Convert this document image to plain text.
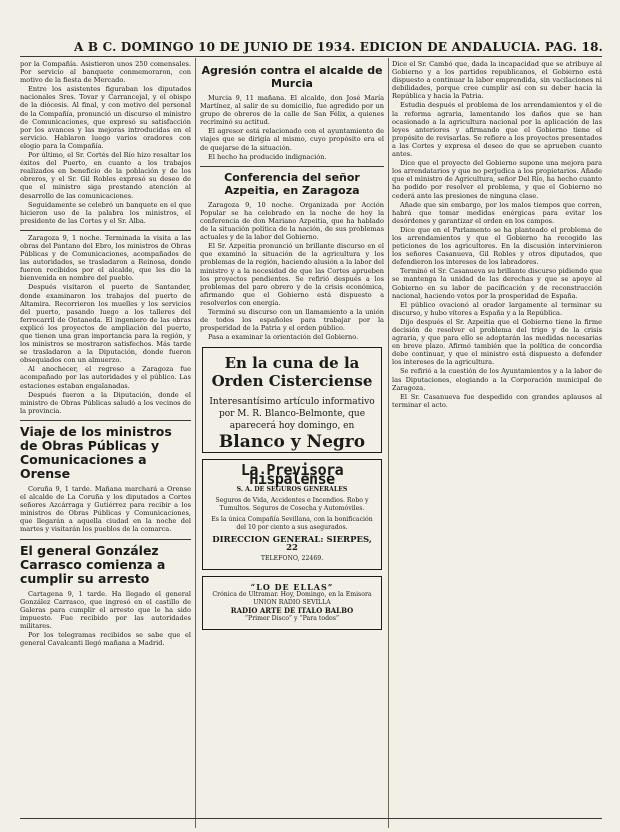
A B C. DOMINGO 10 DE JUNIO DE 1934. EDICION DE ANDALUCIA. PAG. 18.

por la Compañía. Asistieron unos 250 comensales. Por servicio al banquete conmemoraron, con motivo de la fiesta de Mercado.

Entre los asistentes figuraban los diputados nacionales Sres. Tovar y Carrancejal, y el obispo de la diócesis. Al final, y con motivo del personal de la Compañía, pronunció un discurso el ministro de Comunicaciones, que expresó su satisfacción por los avances y las mejoras introducidas en el servicio. Hablaron luego varios oradores con elogio para la Compañía.

Por último, el Sr. Cortés del Río hizo resaltar los éxitos del Puerto, en cuanto a los trabajos realizados en beneficio de la población y de los obreros, y el Sr. Gil Robles expresó su deseo de que el ministro siga prestando atención al desarrollo de las comunicaciones.

Seguidamente se celebró un banquete en el que hicieron uso de la palabra los ministros, el presidente de las Cortes y el Sr. Alba.

Zaragoza 9, 1 noche. Terminada la visita a las obras del Pantano del Ebro, los ministros de Obras Públicas y de Comunicaciones, acompañados de las autoridades, se trasladaron a Reinosa, donde fueron recibidos por el alcalde, que les dio la bienvenida en nombre del pueblo.

Después visitaron el puerto de Santander, donde examinaron los trabajos del puerto de Altamira. Recorrieron los muelles y los servicios del puerto, pasando luego a los talleres del ferrocarril de Ontaneda. El ingeniero de las obras explicó los proyectos de ampliación del puerto, que tienen una gran importancia para la región, y los ministros se mostraron satisfechos. Más tarde se trasladaron a la Diputación, donde fueron obsequiados con un almuerzo.

Al anochecer, el regreso a Zaragoza fue acompañado por las autoridades y el público. Las estaciones estaban engalanadas.

Después fueron a la Diputación, donde el ministro de Obras Públicas saludó a los vecinos de la provincia.

Viaje de los ministros de Obras Públicas y Comunicaciones a Orense

Coruña 9, 1 tarde. Mañana marchará a Orense el alcalde de La Coruña y los diputados a Cortes señores Azcárraga y Gutiérrez para recibir a los ministros de Obras Públicas y Comunicaciones, que llegarán a aquella ciudad en la noche del martes y visitarán los pueblos de la comarca.

El general González Carrasco comienza a cumplir su arresto

Cartagena 9, 1 tarde. Ha llegado el general González Carrasco, que ingresó en el castillo de Galeras para cumplir el arresto que le ha sido impuesto. Fue recibido por las autoridades militares.

Por los telegramas recibidos se sabe que el general Cavalcanti llegó mañana a Madrid.

Agresión contra el alcalde de Murcia

Murcia 9, 11 mañana. El alcalde, don José María Martínez, al salir de su domicilio, fue agredido por un grupo de obreros de la calle de San Félix, a quienes recriminó su actitud.

El agresor está relacionado con el ayuntamiento de viajes que se dirigía al mismo, cuyo propósito era el de quejarse de la situación.

El hecho ha producido indignación.

Conferencia del señor Azpeitia, en Zaragoza

Zaragoza 9, 10 noche. Organizada por Acción Popular se ha celebrado en la noche de hoy la conferencia de don Mariano Azpeitia, que ha hablado de la situación política de la nación, de sus problemas actuales y de la labor del Gobierno.

El Sr. Azpeitia pronunció un brillante discurso en el que examinó la situación de la agricultura y los problemas de la región, haciendo alusión a la labor del ministro y a la necesidad de que las Cortes aprueben los proyectos pendientes. Se refirió después a los problemas del paro obrero y de la crisis económica, afirmando que el Gobierno está dispuesto a resolverlos con energía.

Terminó su discurso con un llamamiento a la unión de todos los españoles para trabajar por la prosperidad de la Patria y el orden público.

Pasa a examinar la orientación del Gobierno.

En la cuna de la
Orden Cisterciense
Interesantísimo artículo informativo por M. R. Blanco-Belmonte, que aparecerá hoy domingo, en
Blanco y Negro
La Previsora Hispalense
S. A. DE SEGUROS GENERALES
Seguros de Vida, Accidentes e Incendios. Robo y Tumultos. Seguros de Cosecha y Automóviles.
Es la única Compañía Sevillana, con la bonificación del 10 por ciento a sus asegurados.
DIRECCION GENERAL: SIERPES, 22
TELEFONO, 22469.
“LO DE ELLAS”
Crónica de Ultramar. Hoy, Domingo, en la Emisora UNION RADIO SEVILLA
RADIO ARTE DE ITALO BALBO
“Primer Disco” y “Para todos”

Dice el Sr. Cambó que, dada la incapacidad que se atribuye al Gobierno y a los partidos republicanos, el Gobierno está dispuesto a continuar la labor emprendida, sin vacilaciones ni debilidades, porque cree cumplir así con su deber hacia la República y hacia la Patria.

Estudia después el problema de los arrendamientos y el de la reforma agraria, lamentando los daños que se han ocasionado a la agricultura nacional por la aplicación de las leyes anteriores y afirmando que el Gobierno tiene el propósito de revisarlas. Se refiere a los proyectos presentados a las Cortes y expresa el deseo de que se aprueben cuanto antes.

Dice que el proyecto del Gobierno supone una mejora para los arrendatarios y que no perjudica a los propietarios. Añade que el ministro de Agricultura, señor Del Río, ha hecho cuanto ha podido por resolver el problema, y que el Gobierno no cederá ante las presiones de ninguna clase.

Añade que sin embargo, por los malos tiempos que corren, habrá que tomar medidas enérgicas para evitar los desórdenes y garantizar el orden en los campos.

Dice que en el Parlamento se ha planteado el problema de los arrendamientos y que el Gobierno ha recogido las peticiones de los agricultores. En la discusión intervinieron los señores Casanueva, Gil Robles y otros diputados, que defendieron los intereses de los labradores.

Terminó el Sr. Casanueva su brillante discurso pidiendo que se mantenga la unidad de las derechas y que se apoye al Gobierno en su labor de pacificación y de reconstrucción nacional, haciendo votos por la prosperidad de España.

El público ovacionó al orador largamente al terminar su discurso, y hubo vítores a España y a la República.

Dijo después el Sr. Azpeitia que el Gobierno tiene la firme decisión de resolver el problema del trigo y de la crisis agraria, y que para ello se adoptarán las medidas necesarias en breve plazo. Afirmó también que la política de concordia debe continuar, y que el ministro está dispuesto a defender los intereses de la agricultura.

Se refirió a la cuestión de los Ayuntamientos y a la labor de las Diputaciones, elogiando a la Corporación municipal de Zaragoza.

El Sr. Casanueva fue despedido con grandes aplausos al terminar el acto.
